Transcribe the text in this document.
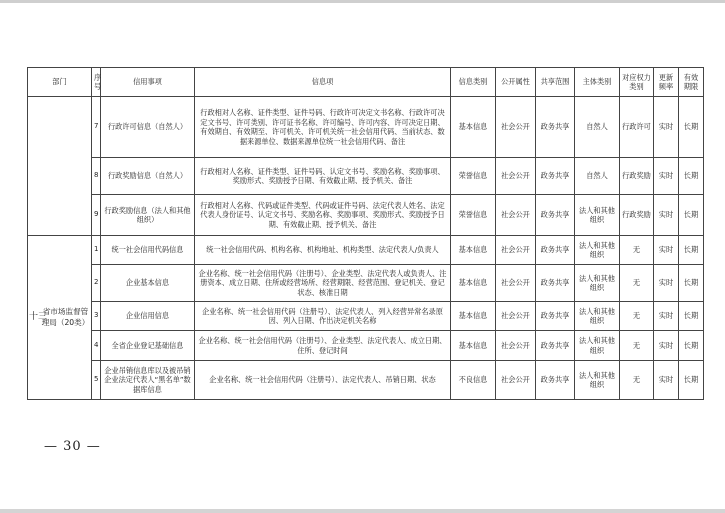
部门	序号	信用事项	信息项	信息类别	公开属性	共享范围	主体类别	对应权力类别	更新频率	有效期限
	7	行政许可信息（自然人）	行政相对人名称、证件类型、证件号码、行政许可决定文书名称、行政许可决定文书号、许可类别、许可证书名称、许可编号、许可内容、许可决定日期、有效期自、有效期至、许可机关、许可机关统一社会信用代码、当前状态、数据来源单位、数据来源单位统一社会信用代码、备注	基本信息	社会公开	政务共享	自然人	行政许可	实时	长期
	8	行政奖励信息（自然人）	行政相对人名称、证件类型、证件号码、认定文书号、奖励名称、奖励事项、奖励形式、奖励授予日期、有效截止期、授予机关、备注	荣誉信息	社会公开	政务共享	自然人	行政奖励	实时	长期
	9	行政奖励信息（法人和其他组织）	行政相对人名称、代码或证件类型、代码或证件号码、法定代表人姓名、法定代表人身份证号、认定文书号、奖励名称、奖励事项、奖励形式、奖励授予日期、有效截止期、授予机关、备注	荣誉信息	社会公开	政务共享	法人和其他组织	行政奖励	实时	长期

十三
省市场监督管理局（20类）	1	统一社会信用代码信息	统一社会信用代码、机构名称、机构地址、机构类型、法定代表人/负责人	基本信息	社会公开	政务共享	法人和其他组织	无	实时	长期
	2	企业基本信息	企业名称、统一社会信用代码（注册号）、企业类型、法定代表人或负责人、注册资本、成立日期、住所或经营场所、经营期限、经营范围、登记机关、登记状态、核准日期	基本信息	社会公开	政务共享	法人和其他组织	无	实时	长期
	3	企业信用信息	企业名称、统一社会信用代码（注册号）、法定代表人、列入经营异常名录原因、列入日期、作出决定机关名称	基本信息	社会公开	政务共享	法人和其他组织	无	实时	长期
	4	全省企业登记基础信息	企业名称、统一社会信用代码（注册号）、企业类型、法定代表人、成立日期、住所、登记时间	基本信息	社会公开	政务共享	法人和其他组织	无	实时	长期
	5	企业吊销信息库以及被吊销企业法定代表人“黑名单”数据库信息	企业名称、统一社会信用代码（注册号）、法定代表人、吊销日期、状态	不良信息	社会公开	政务共享	法人和其他组织	无	实时	长期
— 30 —
